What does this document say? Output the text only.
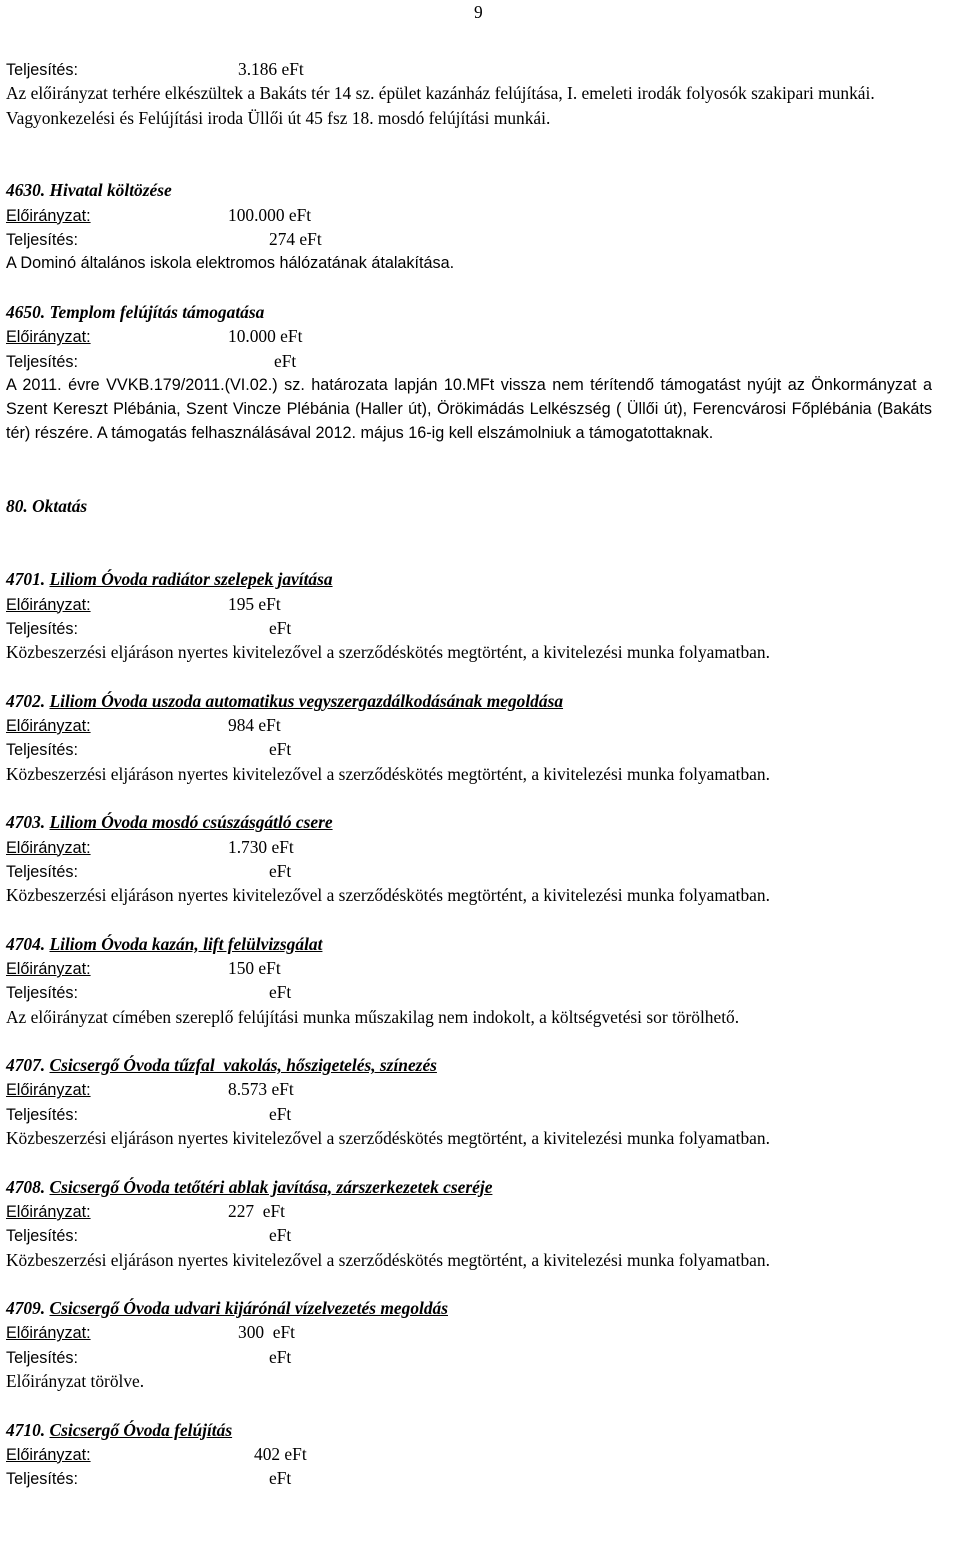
9
Teljesítés:	3.186 eFt
Az előirányzat terhére elkészültek a Bakáts tér 14 sz. épület kazánház felújítása, I. emeleti irodák folyosók szakipari munkái.
Vagyonkezelési és Felújítási iroda Üllői út 45 fsz 18. mosdó felújítási munkái.
4630. Hivatal költözése
Előirányzat:	100.000 eFt
Teljesítés:	274 eFt
A Dominó általános iskola elektromos hálózatának átalakítása.
4650. Templom felújítás támogatása
Előirányzat:	10.000 eFt
Teljesítés:	eFt
A 2011. évre VVKB.179/2011.(VI.02.) sz. határozata lapján 10.MFt vissza nem térítendő támogatást nyújt az Önkormányzat a Szent Kereszt Plébánia, Szent Vincze Plébánia (Haller út), Örökimádás Lelkészség ( Üllői út), Ferencvárosi Főplébánia (Bakáts tér) részére. A támogatás felhasználásával 2012. május 16-ig kell elszámolniuk a támogatottaknak.
80. Oktatás
4701. Liliom Óvoda radiátor szelepek javítása
Előirányzat:	195 eFt
Teljesítés:	eFt
Közbeszerzési eljáráson nyertes kivitelezővel a szerződéskötés megtörtént, a kivitelezési munka folyamatban.
4702. Liliom Óvoda uszoda automatikus vegyszergazdálkodásának megoldása
Előirányzat:	984 eFt
Teljesítés:	eFt
Közbeszerzési eljáráson nyertes kivitelezővel a szerződéskötés megtörtént, a kivitelezési munka folyamatban.
4703. Liliom Óvoda mosdó csúszásgátló csere
Előirányzat:	1.730 eFt
Teljesítés:	eFt
Közbeszerzési eljáráson nyertes kivitelezővel a szerződéskötés megtörtént, a kivitelezési munka folyamatban.
4704. Liliom Óvoda kazán, lift felülvizsgálat
Előirányzat:	150 eFt
Teljesítés:	eFt
Az előirányzat címében szereplő felújítási munka műszakilag nem indokolt, a költségvetési sor törölhető.
4707. Csicsergő Óvoda tűzfal  vakolás, hőszigetelés, színezés
Előirányzat:	8.573 eFt
Teljesítés:	eFt
Közbeszerzési eljáráson nyertes kivitelezővel a szerződéskötés megtörtént, a kivitelezési munka folyamatban.
4708. Csicsergő Óvoda tetőtéri ablak javítása, zárszerkezetek cseréje
Előirányzat:	227  eFt
Teljesítés:	eFt
Közbeszerzési eljáráson nyertes kivitelezővel a szerződéskötés megtörtént, a kivitelezési munka folyamatban.
4709. Csicsergő Óvoda udvari kijárónál vízelvezetés megoldás
Előirányzat:	300  eFt
Teljesítés:	eFt
Előirányzat törölve.
4710. Csicsergő Óvoda felújítás
Előirányzat:	402 eFt
Teljesítés:	eFt
